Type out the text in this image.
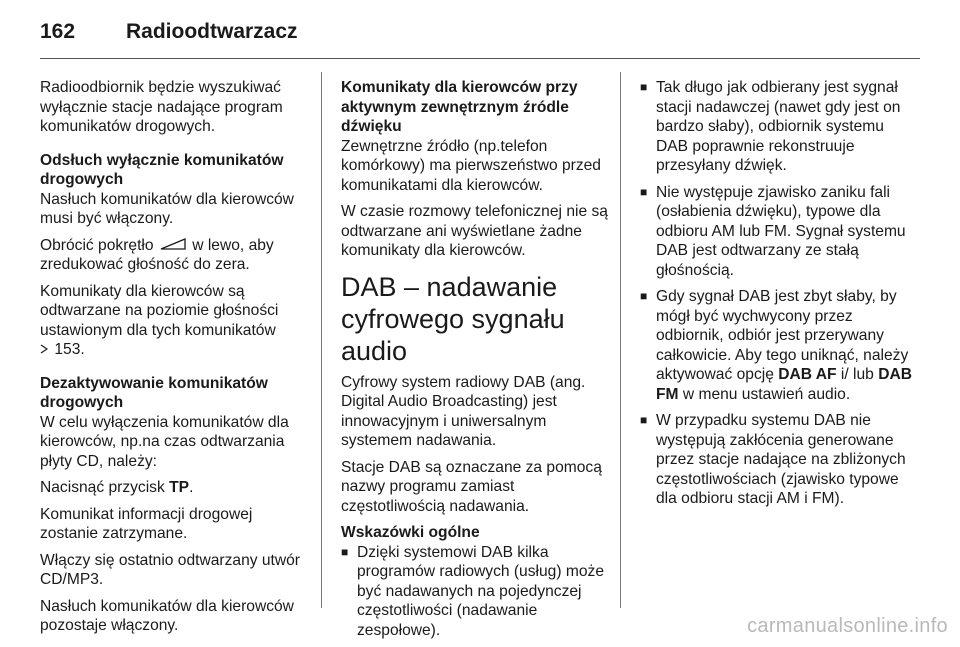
162 Radioodtwarzacz

Radioodbiornik będzie wyszukiwać wyłącznie stacje nadające program komunikatów drogowych.

Odsłuch wyłącznie komunikatów drogowych

Nasłuch komunikatów dla kierowców musi być włączony.

Obrócić pokrętło w lewo, aby zredukować głośność do zera.

Komunikaty dla kierowców są odtwarzane na poziomie głośności ustawionym dla tych komunikatów
153.

Dezaktywowanie komunikatów drogowych

W celu wyłączenia komunikatów dla kierowców, np.na czas odtwarzania płyty CD, należy:

Nacisnąć przycisk TP.

Komunikat informacji drogowej zostanie zatrzymane.

Włączy się ostatnio odtwarzany utwór CD/MP3.

Nasłuch komunikatów dla kierowców pozostaje włączony.

Komunikaty dla kierowców przy aktywnym zewnętrznym źródle dźwięku

Zewnętrzne źródło (np.telefon komórkowy) ma pierwszeństwo przed komunikatami dla kierowców.

W czasie rozmowy telefonicznej nie są odtwarzane ani wyświetlane żadne komunikaty dla kierowców.

DAB – nadawanie cyfrowego sygnału audio

Cyfrowy system radiowy DAB (ang. Digital Audio Broadcasting) jest innowacyjnym i uniwersalnym systemem nadawania.

Stacje DAB są oznaczane za pomocą nazwy programu zamiast częstotliwością nadawania.

Wskazówki ogólne
■ Dzięki systemowi DAB kilka programów radiowych (usług) może być nadawanych na pojedynczej częstotliwości (nadawanie zespołowe).
■ Tak długo jak odbierany jest sygnał stacji nadawczej (nawet gdy jest on bardzo słaby), odbiornik systemu DAB poprawnie rekonstruuje przesyłany dźwięk.
■ Nie występuje zjawisko zaniku fali (osłabienia dźwięku), typowe dla odbioru AM lub FM. Sygnał systemu DAB jest odtwarzany ze stałą głośnością.
■ Gdy sygnał DAB jest zbyt słaby, by mógł być wychwycony przez odbiornik, odbiór jest przerywany całkowicie. Aby tego uniknąć, należy aktywować opcję DAB AF i/ lub DAB FM w menu ustawień audio.
■ W przypadku systemu DAB nie występują zakłócenia generowane przez stacje nadające na zbliżonych częstotliwościach (zjawisko typowe dla odbioru stacji AM i FM).
carmanualsonline.info
